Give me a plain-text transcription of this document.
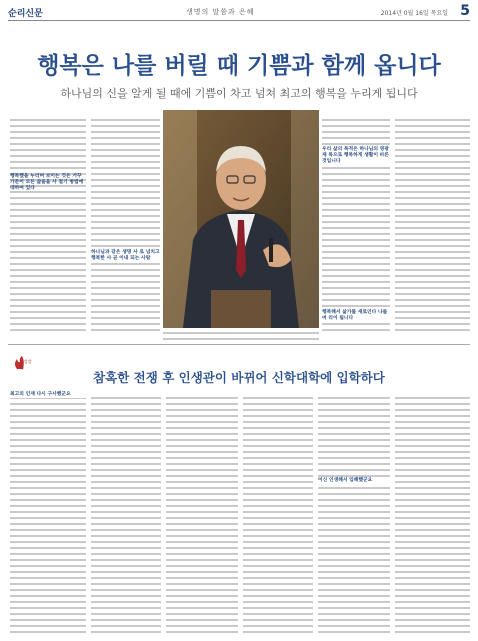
순리신문	생명의 말씀과 은혜	2014년 0월 16일 목요일 5
행복은 나를 버릴 때 기쁨과 함께 옵니다
하나님의 신을 알게 될 때에 기쁨이 차고 넘쳐 최고의 행복을 누리게 됩니다
행복했을 누리며 보이는 것은 거꾸 가문이 모든 삶을을 사 절기 방법에 대하여 있다
하나님과 같은 생명 사 로 넘치고 행복한 사 곧 이내 되는 사람
〈사진 설명〉
우리 삶의 목적은 하나님의 영광 제 목으로 행복하게 생활이 바른 것입니다
행복해서 삶가를 새로인다 나를 버 리이 됩니다
신앙칼럼
참혹한 전쟁 후 인생관이 바뀌어 신학대학에 입학하다
최고의 인재 다시 구사했군요
이신 인생해서 입해했군요
